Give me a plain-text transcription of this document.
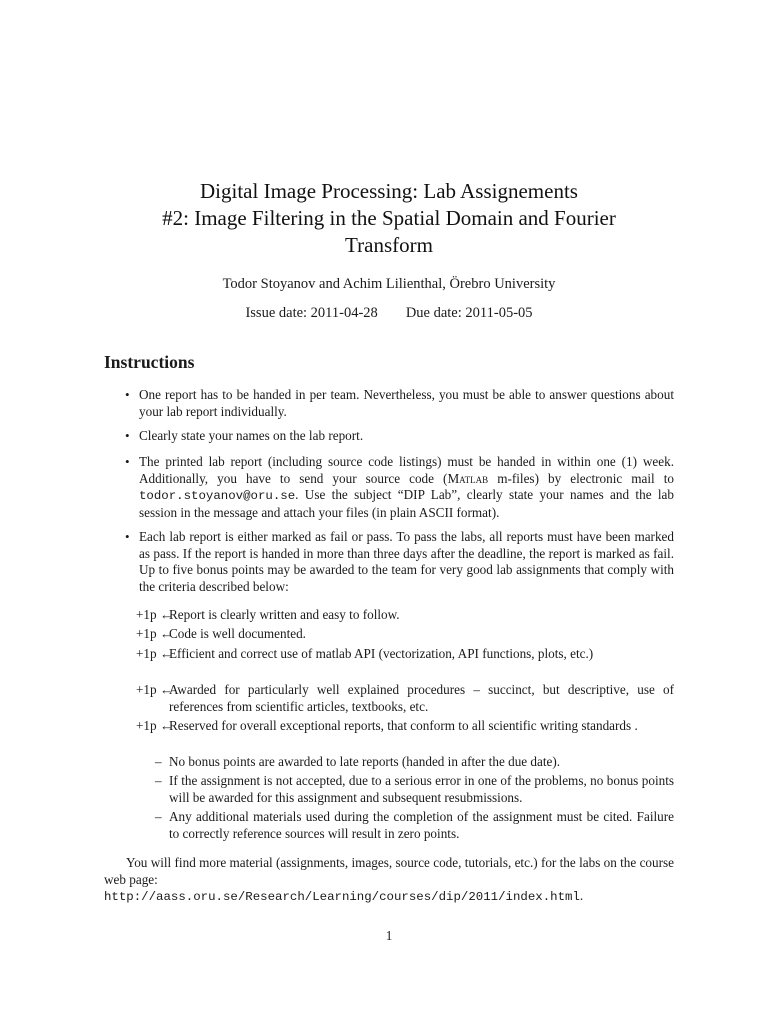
Digital Image Processing: Lab Assignements
#2: Image Filtering in the Spatial Domain and Fourier
Transform
Todor Stoyanov and Achim Lilienthal, Örebro University
Issue date: 2011-04-28 Due date: 2011-05-05
Instructions
• One report has to be handed in per team. Nevertheless, you must be able to answer questions about your lab report individually.
• Clearly state your names on the lab report.
• The printed lab report (including source code listings) must be handed in within one (1) week. Additionally, you have to send your source code (Matlab m-files) by electronic mail to todor.stoyanov@oru.se. Use the subject “DIP Lab”, clearly state your names and the lab session in the message and attach your files (in plain ASCII format).
• Each lab report is either marked as fail or pass. To pass the labs, all reports must have been marked as pass. If the report is handed in more than three days after the deadline, the report is marked as fail. Up to five bonus points may be awarded to the team for very good lab assignments that comply with the criteria described below:
+1p ←
Report is clearly written and easy to follow.
+1p ←
Code is well documented.
+1p ←
Efficient and correct use of matlab API (vectorization, API functions, plots, etc.)
+1p ←
Awarded for particularly well explained procedures – succinct, but descriptive, use of references from scientific articles, textbooks, etc.
+1p ←
Reserved for overall exceptional reports, that conform to all scientific writing standards .
– No bonus points are awarded to late reports (handed in after the due date).
– If the assignment is not accepted, due to a serious error in one of the problems, no bonus points will be awarded for this assignment and subsequent resubmissions.
– Any additional materials used during the completion of the assignment must be cited. Failure to correctly reference sources will result in zero points.
You will find more material (assignments, images, source code, tutorials, etc.) for the labs on the course web page:
http://aass.oru.se/Research/Learning/courses/dip/2011/index.html.
1
